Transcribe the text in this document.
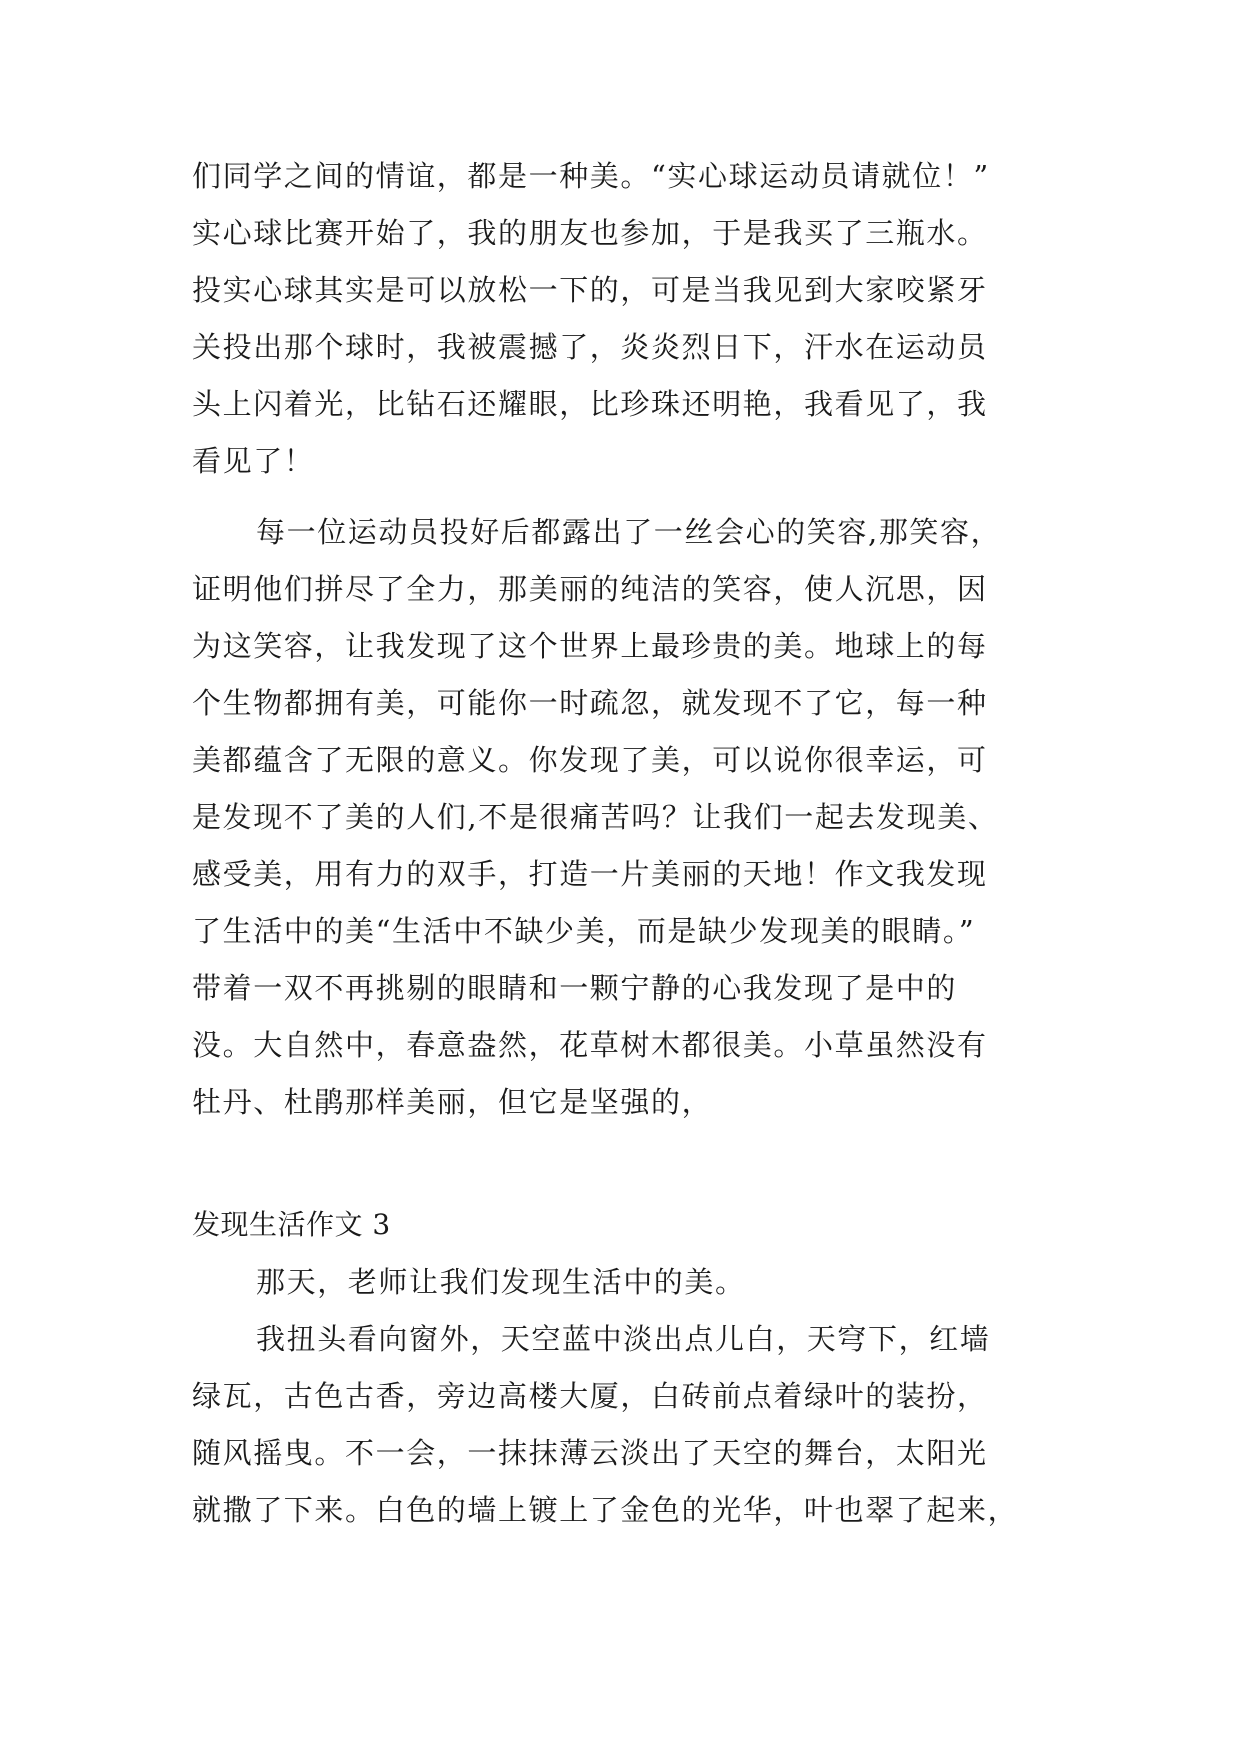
们同学之间的情谊，都是一种美。“实心球运动员请就位！”
实心球比赛开始了，我的朋友也参加，于是我买了三瓶水。
投实心球其实是可以放松一下的，可是当我见到大家咬紧牙
关投出那个球时，我被震撼了，炎炎烈日下，汗水在运动员
头上闪着光，比钻石还耀眼，比珍珠还明艳，我看见了，我
看见了！
每一位运动员投好后都露出了一丝会心的笑容,那笑容，
证明他们拼尽了全力，那美丽的纯洁的笑容，使人沉思，因
为这笑容，让我发现了这个世界上最珍贵的美。地球上的每
个生物都拥有美，可能你一时疏忽，就发现不了它，每一种
美都蕴含了无限的意义。你发现了美，可以说你很幸运，可
是发现不了美的人们,不是很痛苦吗？让我们一起去发现美、
感受美，用有力的双手，打造一片美丽的天地！作文我发现
了生活中的美“生活中不缺少美，而是缺少发现美的眼睛。”
带着一双不再挑剔的眼睛和一颗宁静的心我发现了是中的
没。大自然中，春意盎然，花草树木都很美。小草虽然没有
牡丹、杜鹃那样美丽，但它是坚强的，
发现生活作文 3
那天，老师让我们发现生活中的美。
我扭头看向窗外，天空蓝中淡出点儿白，天穹下，红墙
绿瓦，古色古香，旁边高楼大厦，白砖前点着绿叶的装扮，
随风摇曳。不一会，一抹抹薄云淡出了天空的舞台，太阳光
就撒了下来。白色的墙上镀上了金色的光华，叶也翠了起来，
